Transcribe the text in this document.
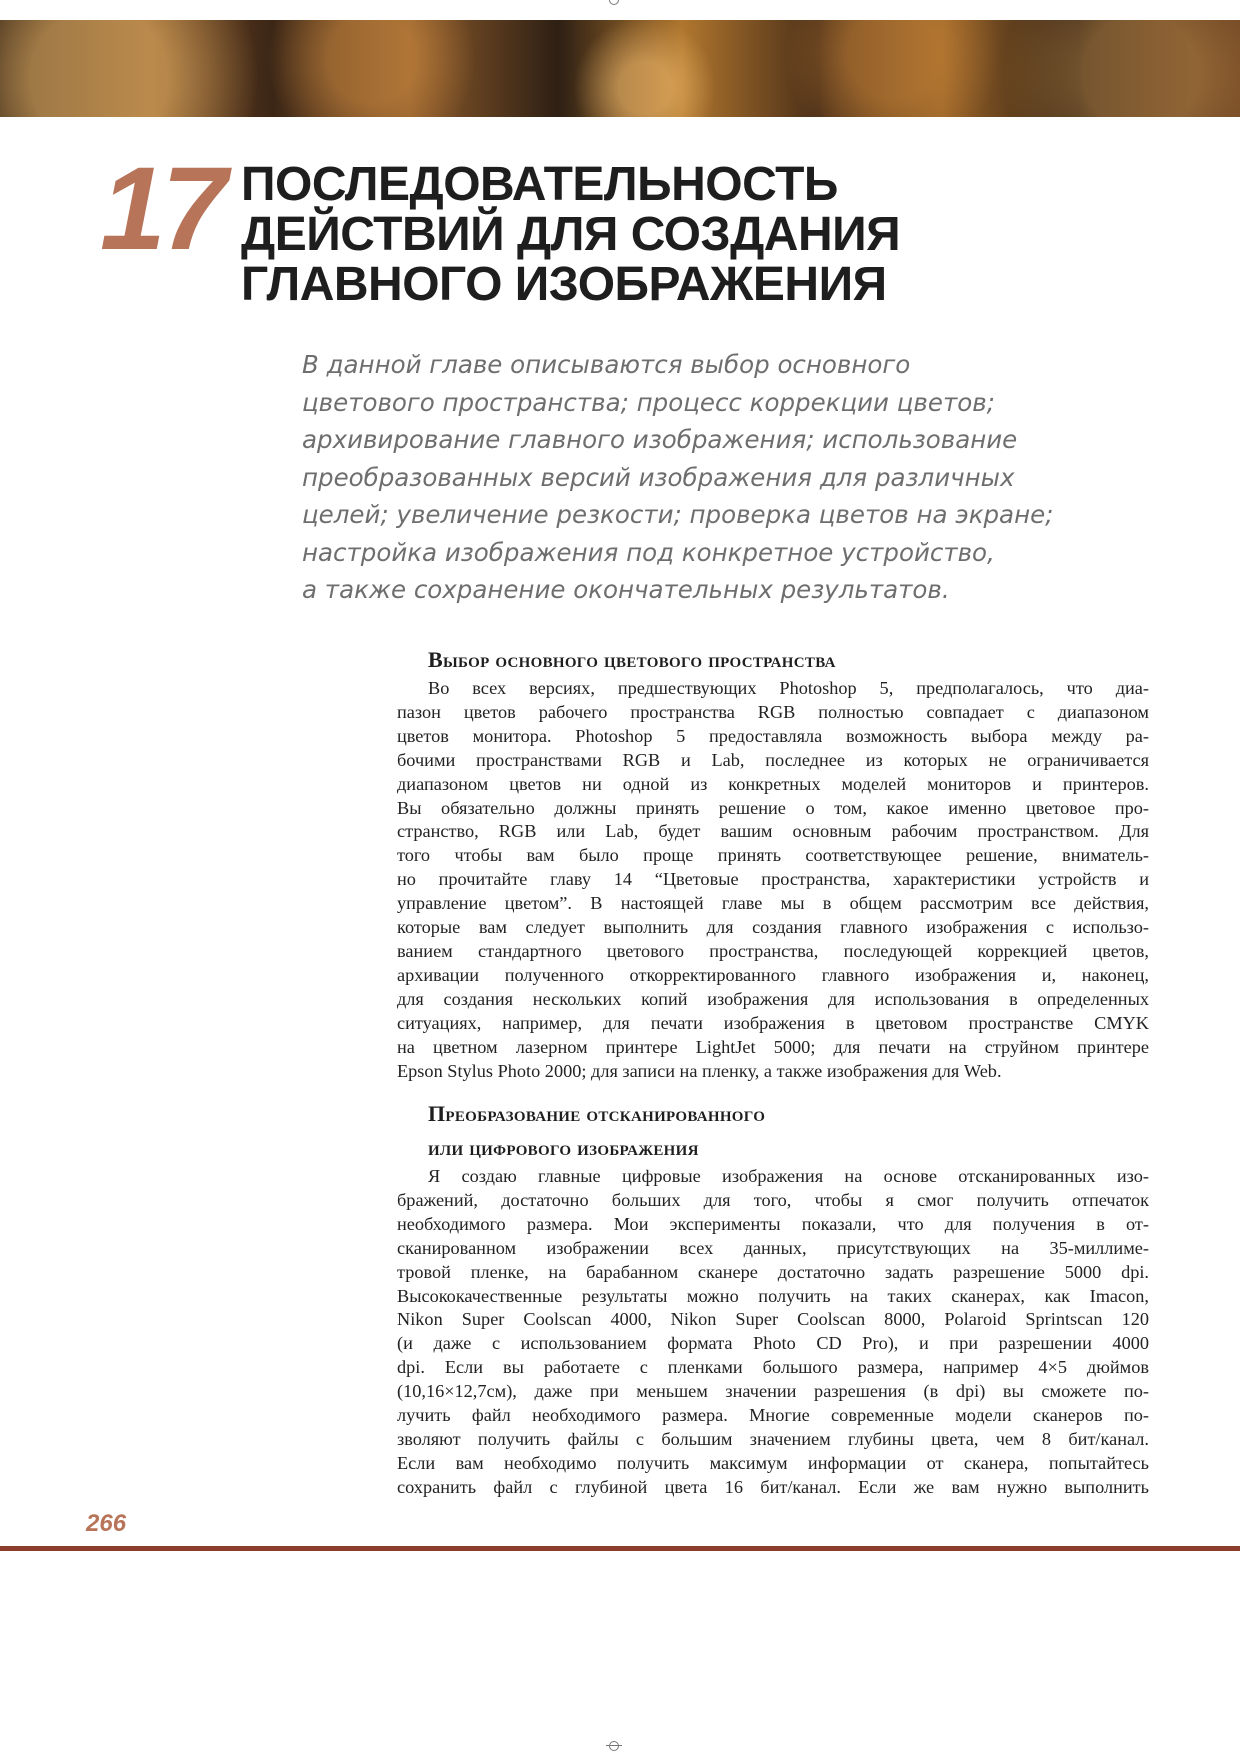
17 ПОСЛЕДОВАТЕЛЬНОСТЬ
ДЕЙСТВИЙ ДЛЯ СОЗДАНИЯ
ГЛАВНОГО ИЗОБРАЖЕНИЯ
В данной главе описываются выбор основного
цветового пространства; процесс коррекции цветов;
архивирование главного изображения; использование
преобразованных версий изображения для различных
целей; увеличение резкости; проверка цветов на экране;
настройка изображения под конкретное устройство,
а также сохранение окончательных результатов.
Выбор основного цветового пространства
Во всех версиях, предшествующих Photoshop 5, предполагалось, что диа-
пазон цветов рабочего пространства RGB полностью совпадает с диапазоном
цветов монитора. Photoshop 5 предоставляла возможность выбора между ра-
бочими пространствами RGB и Lab, последнее из которых не ограничивается
диапазоном цветов ни одной из конкретных моделей мониторов и принтеров.
Вы обязательно должны принять решение о том, какое именно цветовое про-
странство, RGB или Lab, будет вашим основным рабочим пространством. Для
того чтобы вам было проще принять соответствующее решение, вниматель-
но прочитайте главу 14 “Цветовые пространства, характеристики устройств и
управление цветом”. В настоящей главе мы в общем рассмотрим все действия,
которые вам следует выполнить для создания главного изображения с использо-
ванием стандартного цветового пространства, последующей коррекцией цветов,
архивации полученного откорректированного главного изображения и, наконец,
для создания нескольких копий изображения для использования в определенных
ситуациях, например, для печати изображения в цветовом пространстве CMYK
на цветном лазерном принтере LightJet 5000; для печати на струйном принтере
Epson Stylus Photo 2000; для записи на пленку, а также изображения для Web.
Преобразование отсканированного
или цифрового изображения
Я создаю главные цифровые изображения на основе отсканированных изо-
бражений, достаточно больших для того, чтобы я смог получить отпечаток
необходимого размера. Мои эксперименты показали, что для получения в от-
сканированном изображении всех данных, присутствующих на 35-миллиме-
тровой пленке, на барабанном сканере достаточно задать разрешение 5000 dpi.
Высококачественные результаты можно получить на таких сканерах, как Imacon,
Nikon Super Coolscan 4000, Nikon Super Coolscan 8000, Polaroid Sprintscan 120
(и даже с использованием формата Photo CD Pro), и при разрешении 4000
dpi. Если вы работаете с пленками большого размера, например 4×5 дюймов
(10,16×12,7см), даже при меньшем значении разрешения (в dpi) вы сможете по-
лучить файл необходимого размера. Многие современные модели сканеров по-
зволяют получить файлы с большим значением глубины цвета, чем 8 бит/канал.
Если вам необходимо получить максимум информации от сканера, попытайтесь
сохранить файл с глубиной цвета 16 бит/канал. Если же вам нужно выполнить
266
